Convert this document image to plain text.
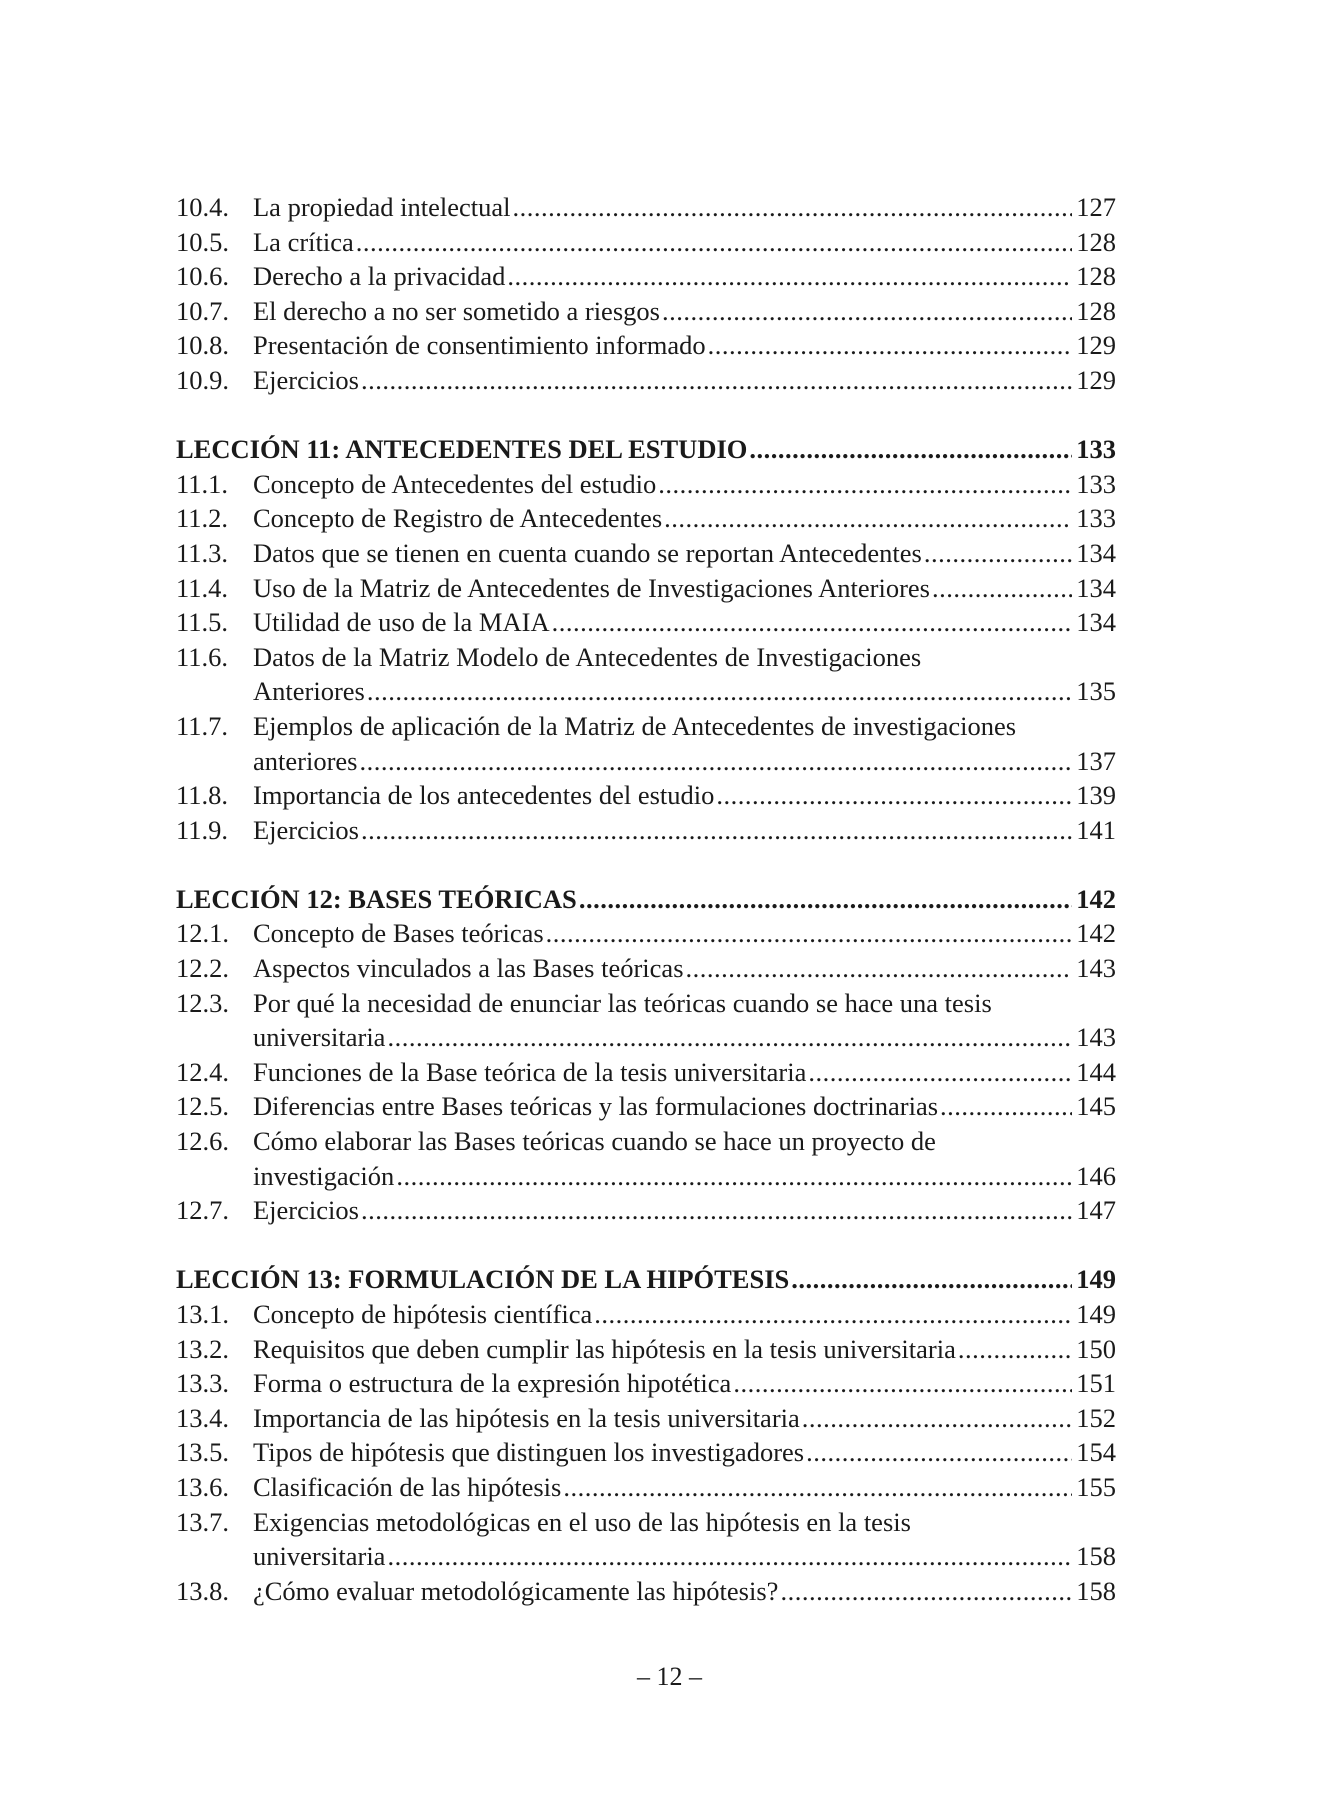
10.4. La propiedad intelectual .....	127
10.5. La crítica .....	128
10.6. Derecho a la privacidad .....	128
10.7. El derecho a no ser sometido a riesgos .....	128
10.8. Presentación de consentimiento informado .....	129
10.9. Ejercicios .....	129
LECCIÓN 11: ANTECEDENTES DEL ESTUDIO .....	133
11.1. Concepto de Antecedentes del estudio .....	133
11.2. Concepto de Registro de Antecedentes .....	133
11.3. Datos que se tienen en cuenta cuando se reportan Antecedentes .....	134
11.4. Uso de la Matriz de Antecedentes de Investigaciones Anteriores .....	134
11.5. Utilidad de uso de la MAIA .....	134
11.6. Datos de la Matriz Modelo de Antecedentes de Investigaciones
Anteriores .....	135
11.7. Ejemplos de aplicación de la Matriz de Antecedentes de investigaciones
anteriores .....	137
11.8. Importancia de los antecedentes del estudio .....	139
11.9. Ejercicios .....	141
LECCIÓN 12: BASES TEÓRICAS .....	142
12.1. Concepto de Bases teóricas .....	142
12.2. Aspectos vinculados a las Bases teóricas .....	143
12.3. Por qué la necesidad de enunciar las teóricas cuando se hace una tesis
universitaria .....	143
12.4. Funciones de la Base teórica de la tesis universitaria .....	144
12.5. Diferencias entre Bases teóricas y las formulaciones doctrinarias .....	145
12.6. Cómo elaborar las Bases teóricas cuando se hace un proyecto de
investigación .....	146
12.7. Ejercicios .....	147
LECCIÓN 13: FORMULACIÓN DE LA HIPÓTESIS .....	149
13.1. Concepto de hipótesis científica .....	149
13.2. Requisitos que deben cumplir las hipótesis en la tesis universitaria .....	150
13.3. Forma o estructura de la expresión hipotética .....	151
13.4. Importancia de las hipótesis en la tesis universitaria .....	152
13.5. Tipos de hipótesis que distinguen los investigadores .....	154
13.6. Clasificación de las hipótesis .....	155
13.7. Exigencias metodológicas en el uso de las hipótesis en la tesis
universitaria .....	158
13.8. ¿Cómo evaluar metodológicamente las hipótesis? .....	158
– 12 –
